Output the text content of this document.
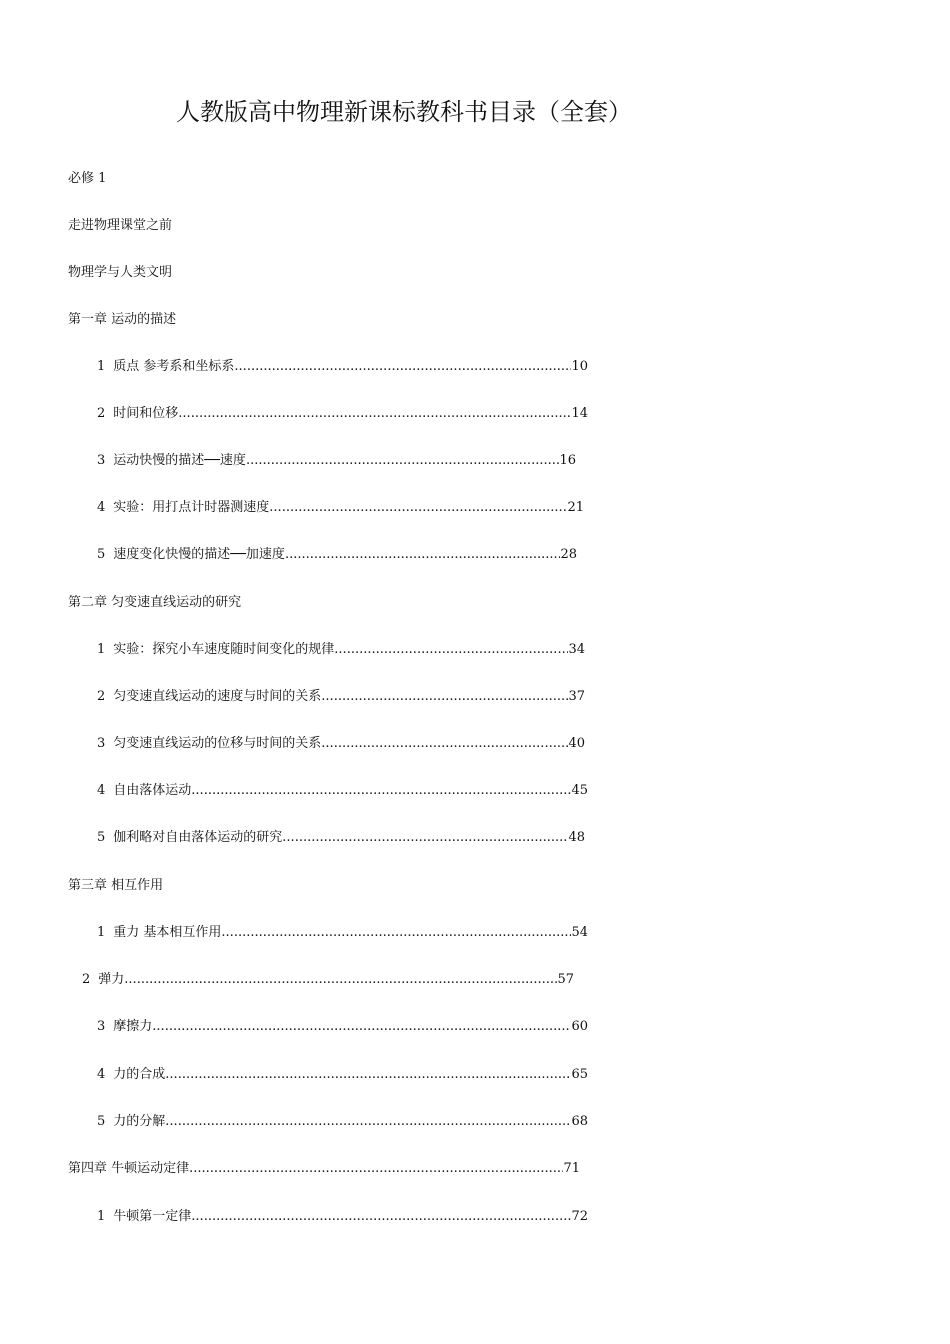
人教版高中物理新课标教科书目录（全套）
必修 1
走进物理课堂之前
物理学与人类文明
第一章 运动的描述
1 质点 参考系和坐标系 .....	10
2 时间和位移 .....	14
3 运动快慢的描述──速度 .....	16
4 实验：用打点计时器测速度 .....	21
5 速度变化快慢的描述──加速度 .....	28
第二章 匀变速直线运动的研究
1 实验：探究小车速度随时间变化的规律 .....	34
2 匀变速直线运动的速度与时间的关系 .....	37
3 匀变速直线运动的位移与时间的关系 .....	40
4 自由落体运动 .....	45
5 伽利略对自由落体运动的研究 .....	48
第三章 相互作用
1 重力 基本相互作用 .....	54
2 弹力 .....	57
3 摩擦力 .....	60
4 力的合成 .....	65
5 力的分解 .....	68
第四章 牛顿运动定律 .....	71
1 牛顿第一定律 .....	72
